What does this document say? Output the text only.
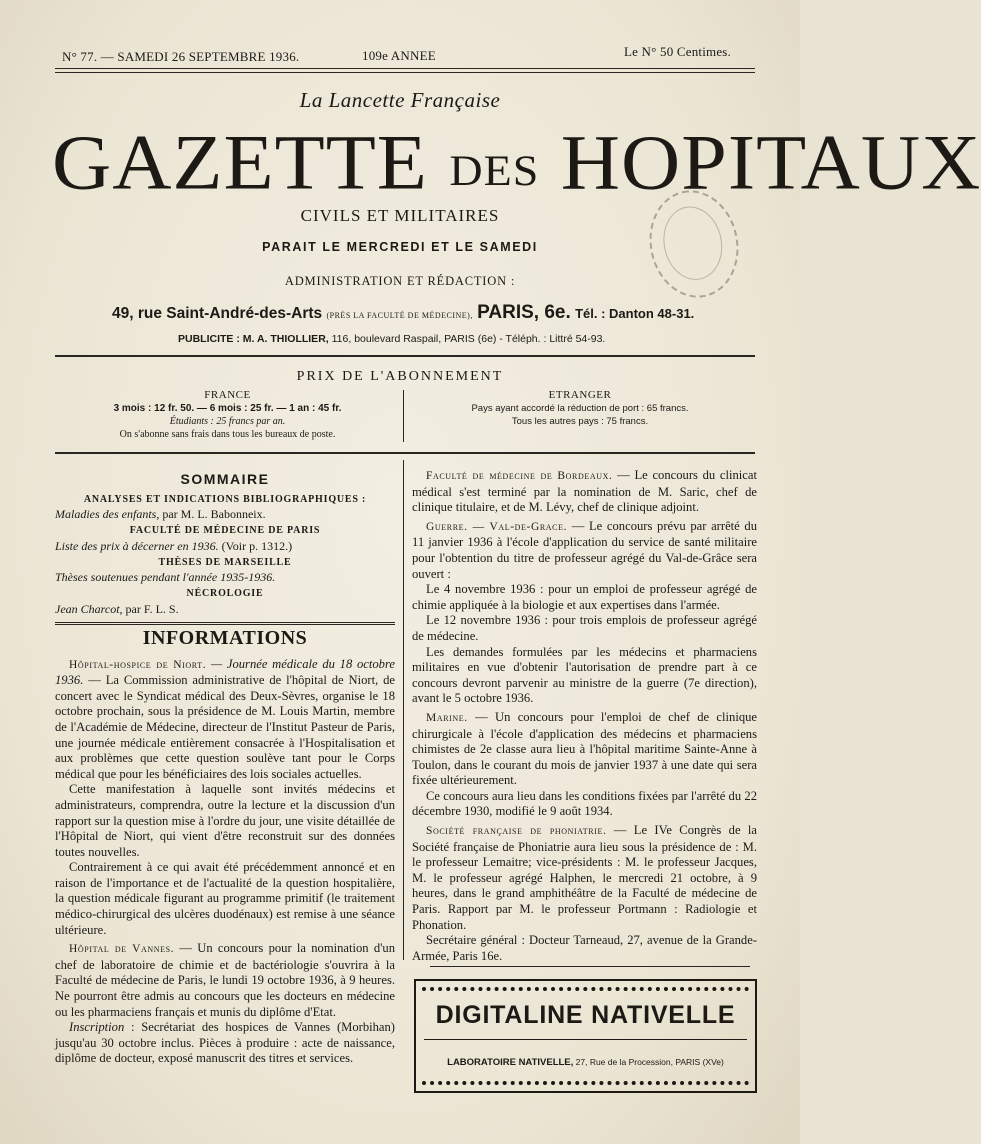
N° 77. — SAMEDI 26 SEPTEMBRE 1936.	109e ANNEE	Le N° 50 Centimes.
La Lancette Française
GAZETTE DES HOPITAUX
CIVILS ET MILITAIRES
PARAIT LE MERCREDI ET LE SAMEDI
ADMINISTRATION ET RÉDACTION :
49, rue Saint-André-des-Arts (PRÈS LA FACULTÉ DE MÉDECINE), PARIS, 6e. Tél. : Danton 48-31.
PUBLICITE : M. A. THIOLLIER, 116, boulevard Raspail, PARIS (6e) - Téléph. : Littré 54-93.
PRIX DE L'ABONNEMENT
FRANCE
3 mois : 12 fr. 50. — 6 mois : 25 fr. — 1 an : 45 fr.
Étudiants : 25 francs par an.
On s'abonne sans frais dans tous les bureaux de poste.
ETRANGER
Pays ayant accordé la réduction de port : 65 francs.
Tous les autres pays : 75 francs.
SOMMAIRE
ANALYSES ET INDICATIONS BIBLIOGRAPHIQUES :
Maladies des enfants, par M. L. Babonneix.
FACULTÉ DE MÉDECINE DE PARIS
Liste des prix à décerner en 1936. (Voir p. 1312.)
THÈSES DE MARSEILLE
Thèses soutenues pendant l'année 1935-1936.
NÉCROLOGIE
Jean Charcot, par F. L. S.
INFORMATIONS

Hôpital-hospice de Niort. — Journée médicale du 18 octobre 1936. — La Commission administrative de l'hôpital de Niort, de concert avec le Syndicat médical des Deux-Sèvres, organise le 18 octobre prochain, sous la présidence de M. Louis Martin, membre de l'Académie de Médecine, directeur de l'Institut Pasteur de Paris, une journée médicale entièrement consacrée à l'Hospitalisation et aux problèmes que cette question soulève tant pour le Corps médical que pour les bénéficiaires des lois sociales actuelles.

Cette manifestation à laquelle sont invités médecins et administrateurs, comprendra, outre la lecture et la discussion d'un rapport sur la question mise à l'ordre du jour, une visite détaillée de l'Hôpital de Niort, qui vient d'être reconstruit sur des données toutes nouvelles.

Contrairement à ce qui avait été précédemment annoncé et en raison de l'importance et de l'actualité de la question hospitalière, la question médicale figurant au programme primitif (le traitement médico-chirurgical des ulcères duodénaux) est remise à une séance ultérieure.

Hôpital de Vannes. — Un concours pour la nomination d'un chef de laboratoire de chimie et de bactériologie s'ouvrira à la Faculté de médecine de Paris, le lundi 19 octobre 1936, à 9 heures. Ne pourront être admis au concours que les docteurs en médecine ou les pharmaciens français et munis du diplôme d'Etat.

Inscription : Secrétariat des hospices de Vannes (Morbihan) jusqu'au 30 octobre inclus. Pièces à produire : acte de naissance, diplôme de docteur, exposé manuscrit des titres et services.

Faculté de médecine de Bordeaux. — Le concours du clinicat médical s'est terminé par la nomination de M. Saric, chef de clinique titulaire, et de M. Lévy, chef de clinique adjoint.

Guerre. — Val-de-Grace. — Le concours prévu par arrêté du 11 janvier 1936 à l'école d'application du service de santé militaire pour l'obtention du titre de professeur agrégé du Val-de-Grâce sera ouvert :

Le 4 novembre 1936 : pour un emploi de professeur agrégé de chimie appliquée à la biologie et aux expertises dans l'armée.

Le 12 novembre 1936 : pour trois emplois de professeur agrégé de médecine.

Les demandes formulées par les médecins et pharmaciens militaires en vue d'obtenir l'autorisation de prendre part à ce concours devront parvenir au ministre de la guerre (7e direction), avant le 5 octobre 1936.

Marine. — Un concours pour l'emploi de chef de clinique chirurgicale à l'école d'application des médecins et pharmaciens chimistes de 2e classe aura lieu à l'hôpital maritime Sainte-Anne à Toulon, dans le courant du mois de janvier 1937 à une date qui sera fixée ultérieurement.

Ce concours aura lieu dans les conditions fixées par l'arrêté du 22 décembre 1930, modifié le 9 août 1934.

Société française de phoniatrie. — Le IVe Congrès de la Société française de Phoniatrie aura lieu sous la présidence de : M. le professeur Lemaitre; vice-présidents : M. le professeur Jacques, M. le professeur agrégé Halphen, le mercredi 21 octobre, à 9 heures, dans le grand amphithéâtre de la Faculté de médecine de Paris. Rapport par M. le professeur Portmann : Radiologie et Phonation.

Secrétaire général : Docteur Tarneaud, 27, avenue de la Grande-Armée, Paris 16e.

DIGITALINE NATIVELLE
LABORATOIRE NATIVELLE, 27, Rue de la Procession, PARIS (XVe)
